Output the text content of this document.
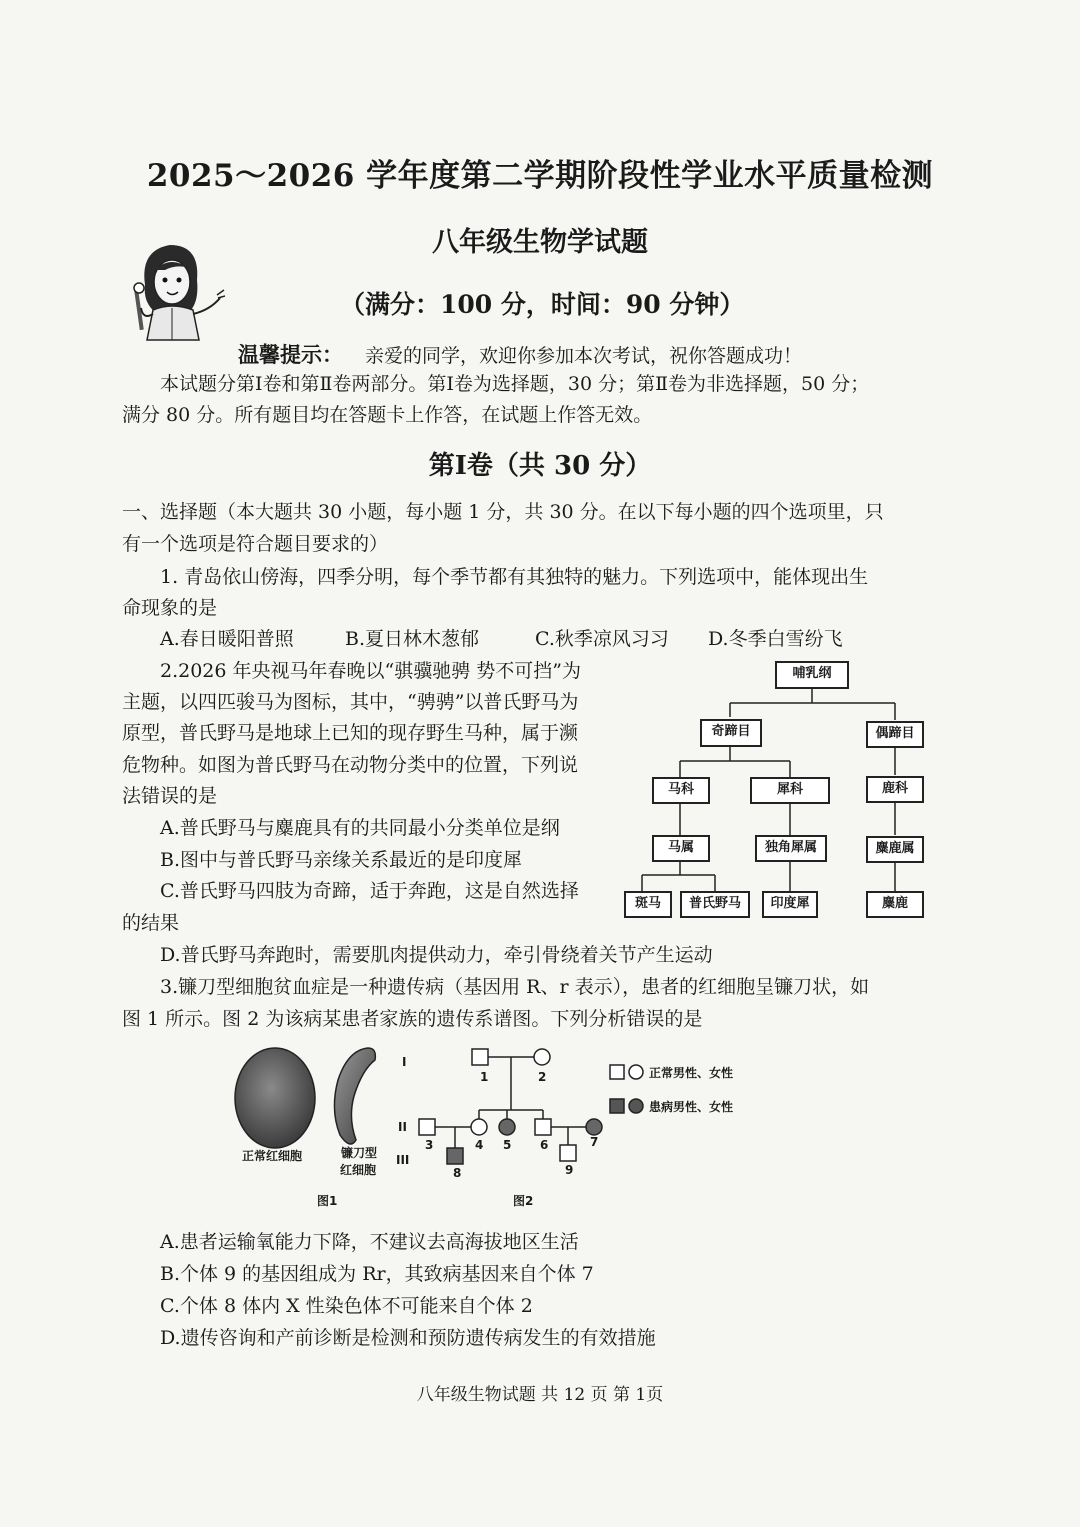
2025～2026 学年度第二学期阶段性学业水平质量检测
八年级生物学试题
（满分：100 分，时间：90 分钟）
温馨提示： 亲爱的同学，欢迎你参加本次考试，祝你答题成功！
本试题分第Ⅰ卷和第Ⅱ卷两部分。第Ⅰ卷为选择题，30 分；第Ⅱ卷为非选择题，50 分；
满分 80 分。所有题目均在答题卡上作答，在试题上作答无效。
第Ⅰ卷（共 30 分）
一、选择题（本大题共 30 小题，每小题 1 分，共 30 分。在以下每小题的四个选项里，只
有一个选项是符合题目要求的）
1. 青岛依山傍海，四季分明，每个季节都有其独特的魅力。下列选项中，能体现出生
命现象的是
A.春日暖阳普照	B.夏日林木葱郁	C.秋季凉风习习 D.冬季白雪纷飞
2.2026 年央视马年春晚以“骐骥驰骋 势不可挡”为
主题，以四匹骏马为图标，其中，“骋骋”以普氏野马为
原型，普氏野马是地球上已知的现存野生马种，属于濒
危物种。如图为普氏野马在动物分类中的位置，下列说
法错误的是
A.普氏野马与麋鹿具有的共同最小分类单位是纲
B.图中与普氏野马亲缘关系最近的是印度犀
C.普氏野马四肢为奇蹄，适于奔跑，这是自然选择
的结果
D.普氏野马奔跑时，需要肌肉提供动力，牵引骨绕着关节产生运动
哺乳纲
奇蹄目	偶蹄目
马科	犀科	鹿科
马属	独角犀属	麋鹿属
斑马	普氏野马	印度犀	麋鹿
3.镰刀型细胞贫血症是一种遗传病（基因用 R、r 表示），患者的红细胞呈镰刀状，如
图 1 所示。图 2 为该病某患者家族的遗传系谱图。下列分析错误的是
正常红细胞	镰刀型
红细胞
图1
I
II
III
1	2
3	4 5 6	7
8	9
图2
正常男性、女性
患病男性、女性
A.患者运输氧能力下降，不建议去高海拔地区生活
B.个体 9 的基因组成为 Rr，其致病基因来自个体 7
C.个体 8 体内 X 性染色体不可能来自个体 2
D.遗传咨询和产前诊断是检测和预防遗传病发生的有效措施
八年级生物试题 共 12 页 第 1页
